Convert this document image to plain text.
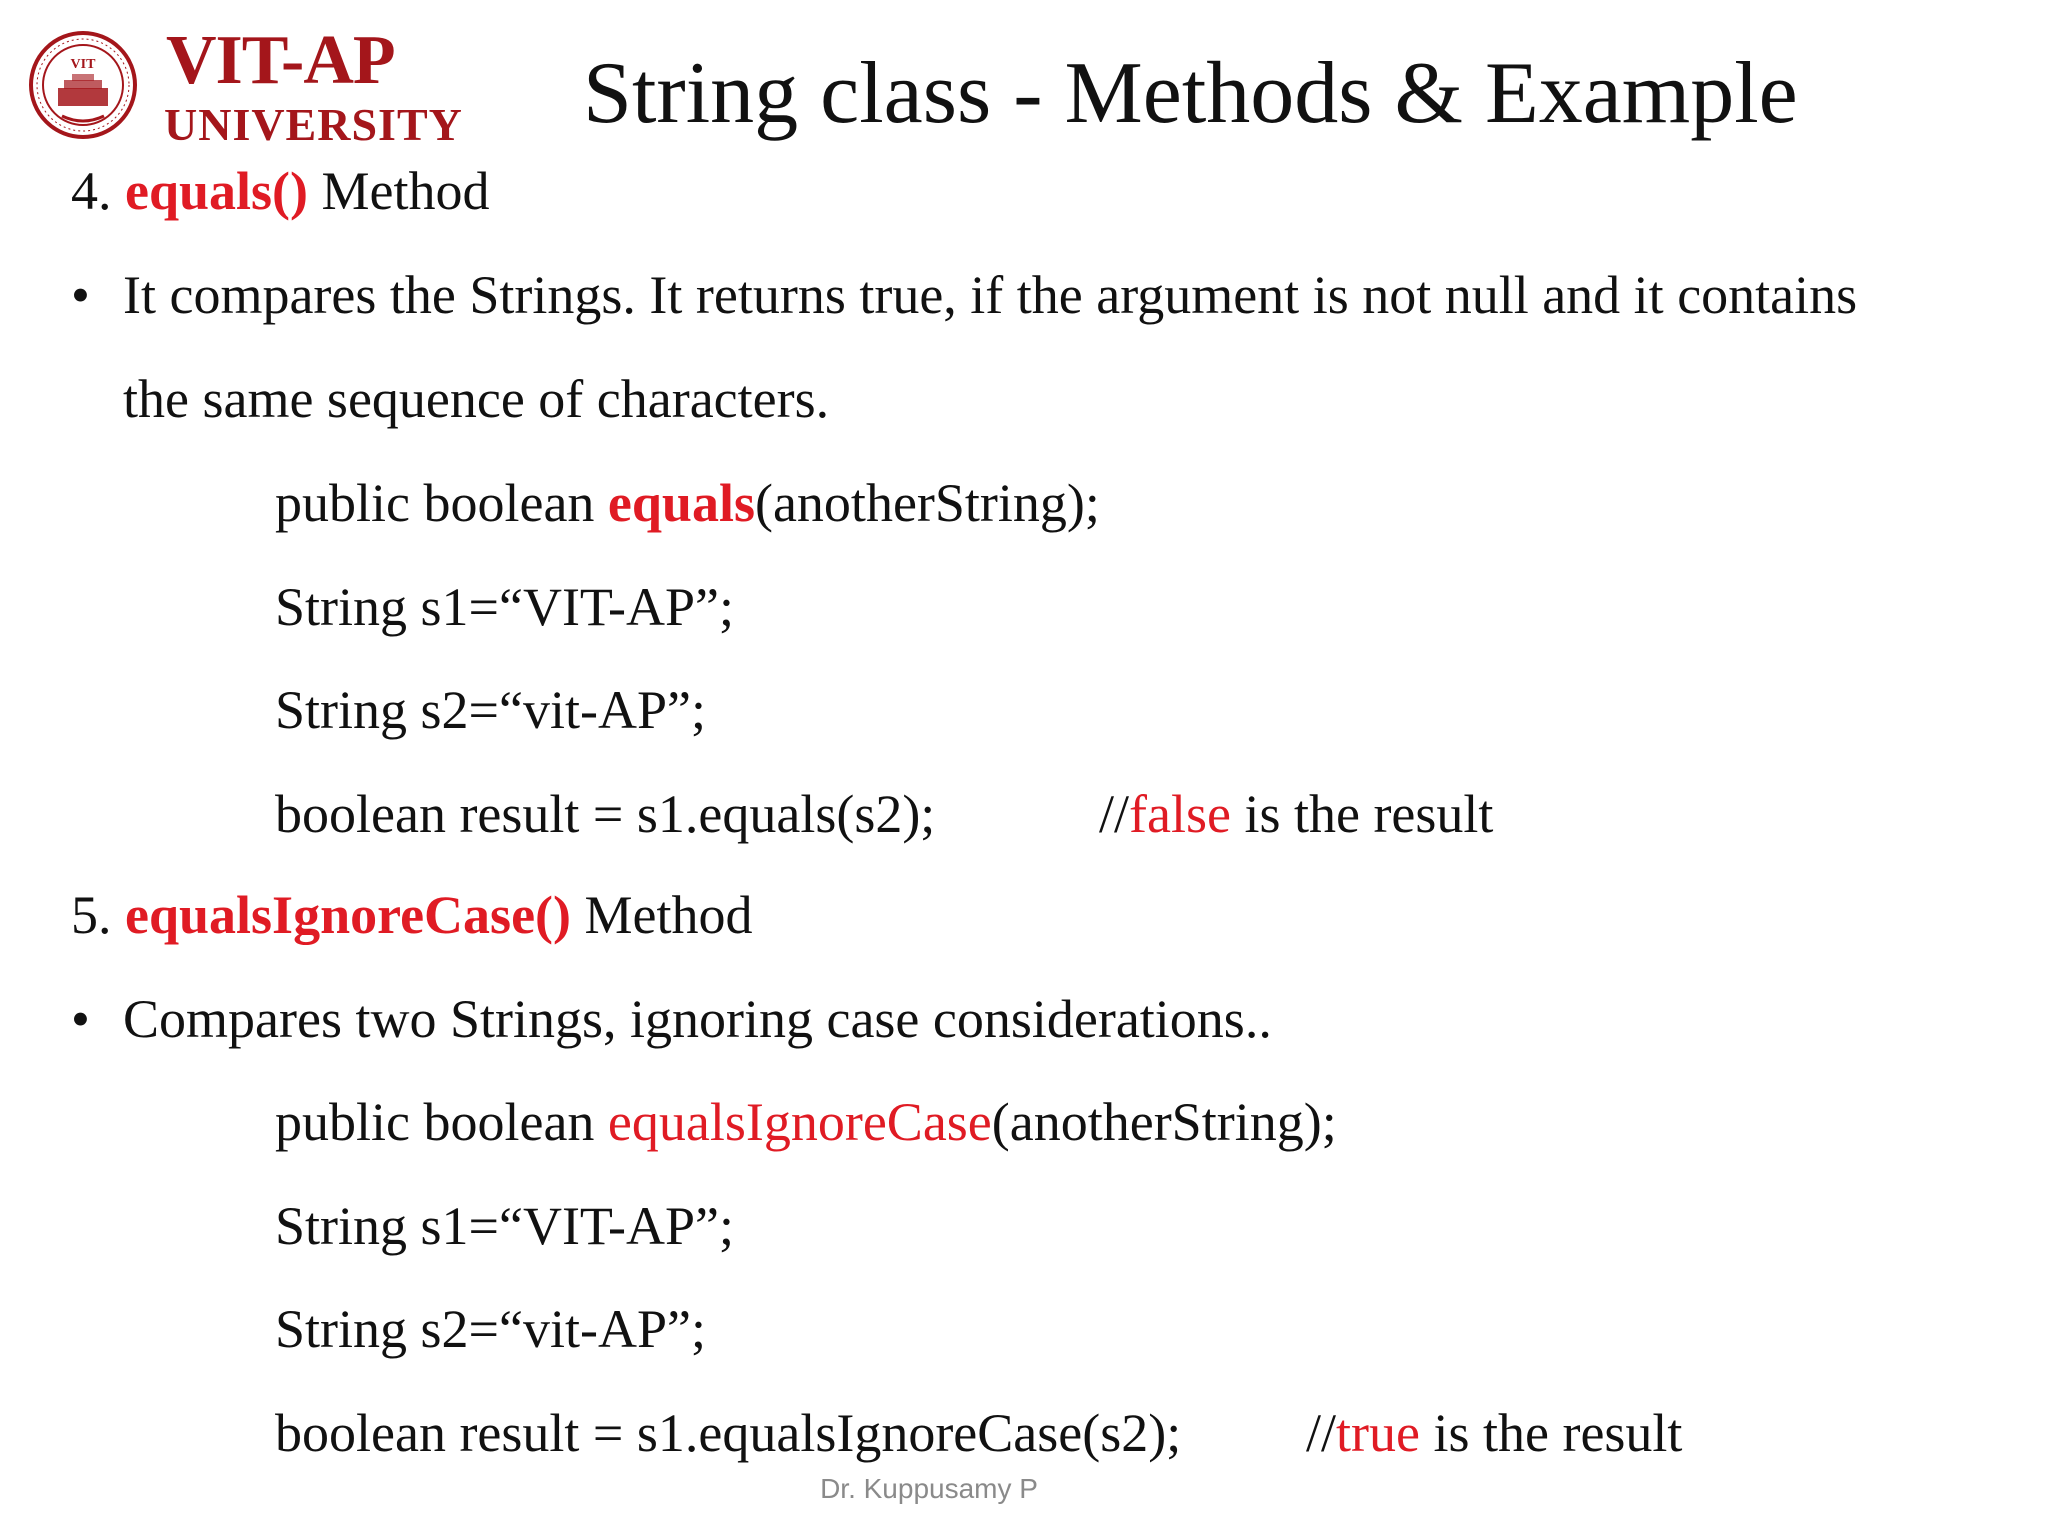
VIT VIT-AP
UNIVERSITY String class - Methods & Example
4. equals() Method
• It compares the Strings. It returns true, if the argument is not null and it contains
the same sequence of characters.
public boolean equals(anotherString);
String s1=“VIT-AP”;
String s2=“vit-AP”;
boolean result = s1.equals(s2);	//false is the result
5. equalsIgnoreCase() Method
• Compares two Strings, ignoring case considerations..
public boolean equalsIgnoreCase(anotherString);
String s1=“VIT-AP”;
String s2=“vit-AP”;
boolean result = s1.equalsIgnoreCase(s2); //true is the result
Dr. Kuppusamy P
